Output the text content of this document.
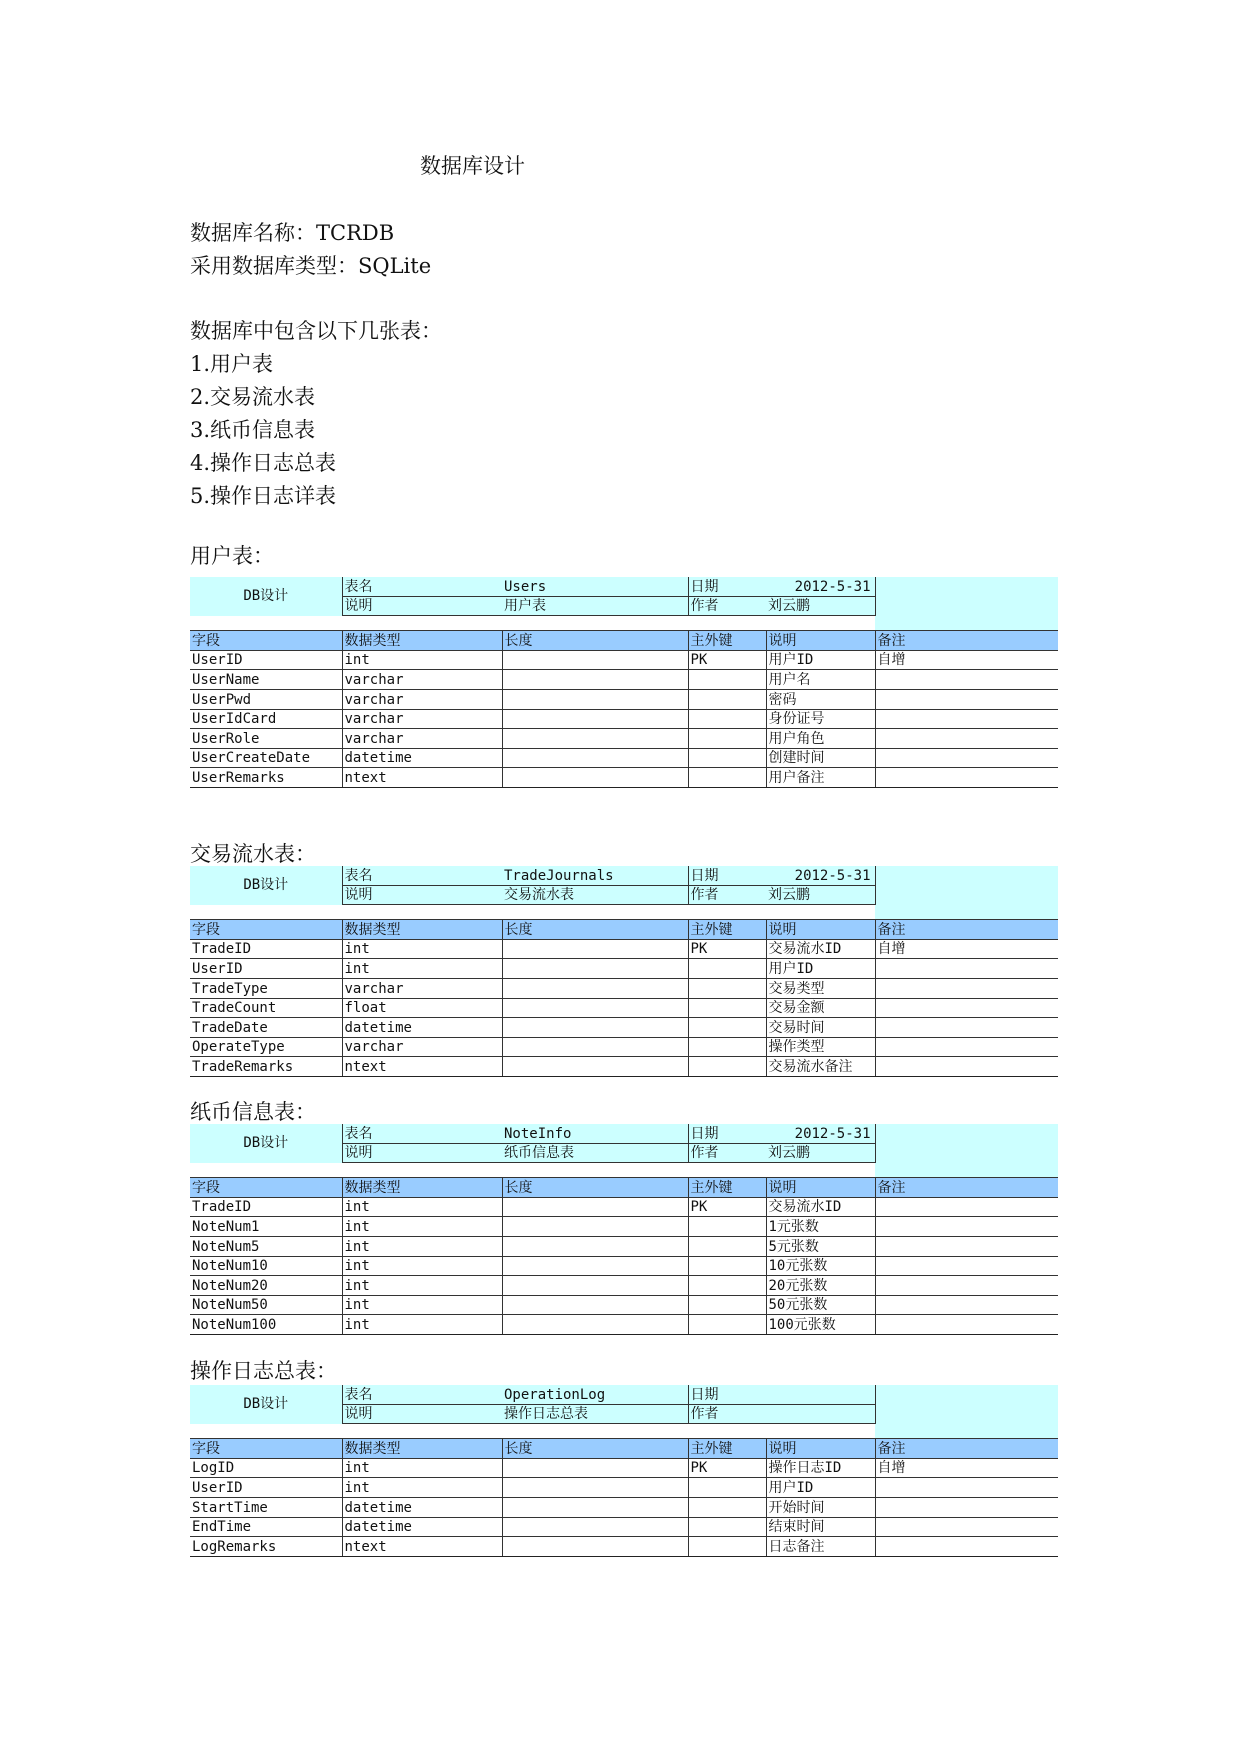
数据库设计
数据库名称：TCRDB
采用数据库类型：SQLite
数据库中包含以下几张表：
1.用户表
2.交易流水表
3.纸币信息表
4.操作日志总表
5.操作日志详表
用户表：
DB设计	表名	Users	日期	2012-5-31	
	说明	用户表	作者	刘云鹏	

字段	数据类型	长度	主外键	说明	备注
UserID	int		PK	用户ID	自增
UserName	varchar			用户名	
UserPwd	varchar			密码	
UserIdCard	varchar			身份证号	
UserRole	varchar			用户角色	
UserCreateDate	datetime			创建时间	
UserRemarks	ntext			用户备注	
交易流水表：
DB设计	表名	TradeJournals	日期	2012-5-31	
	说明	交易流水表	作者	刘云鹏	

字段	数据类型	长度	主外键	说明	备注
TradeID	int		PK	交易流水ID	自增
UserID	int			用户ID	
TradeType	varchar			交易类型	
TradeCount	float			交易金额	
TradeDate	datetime			交易时间	
OperateType	varchar			操作类型	
TradeRemarks	ntext			交易流水备注	
纸币信息表：
DB设计	表名	NoteInfo	日期	2012-5-31	
	说明	纸币信息表	作者	刘云鹏	

字段	数据类型	长度	主外键	说明	备注
TradeID	int		PK	交易流水ID	
NoteNum1	int			1元张数	
NoteNum5	int			5元张数	
NoteNum10	int			10元张数	
NoteNum20	int			20元张数	
NoteNum50	int			50元张数	
NoteNum100	int			100元张数	
操作日志总表：
DB设计	表名	OperationLog	日期		
	说明	操作日志总表	作者		

字段	数据类型	长度	主外键	说明	备注
LogID	int		PK	操作日志ID	自增
UserID	int			用户ID	
StartTime	datetime			开始时间	
EndTime	datetime			结束时间	
LogRemarks	ntext			日志备注	
